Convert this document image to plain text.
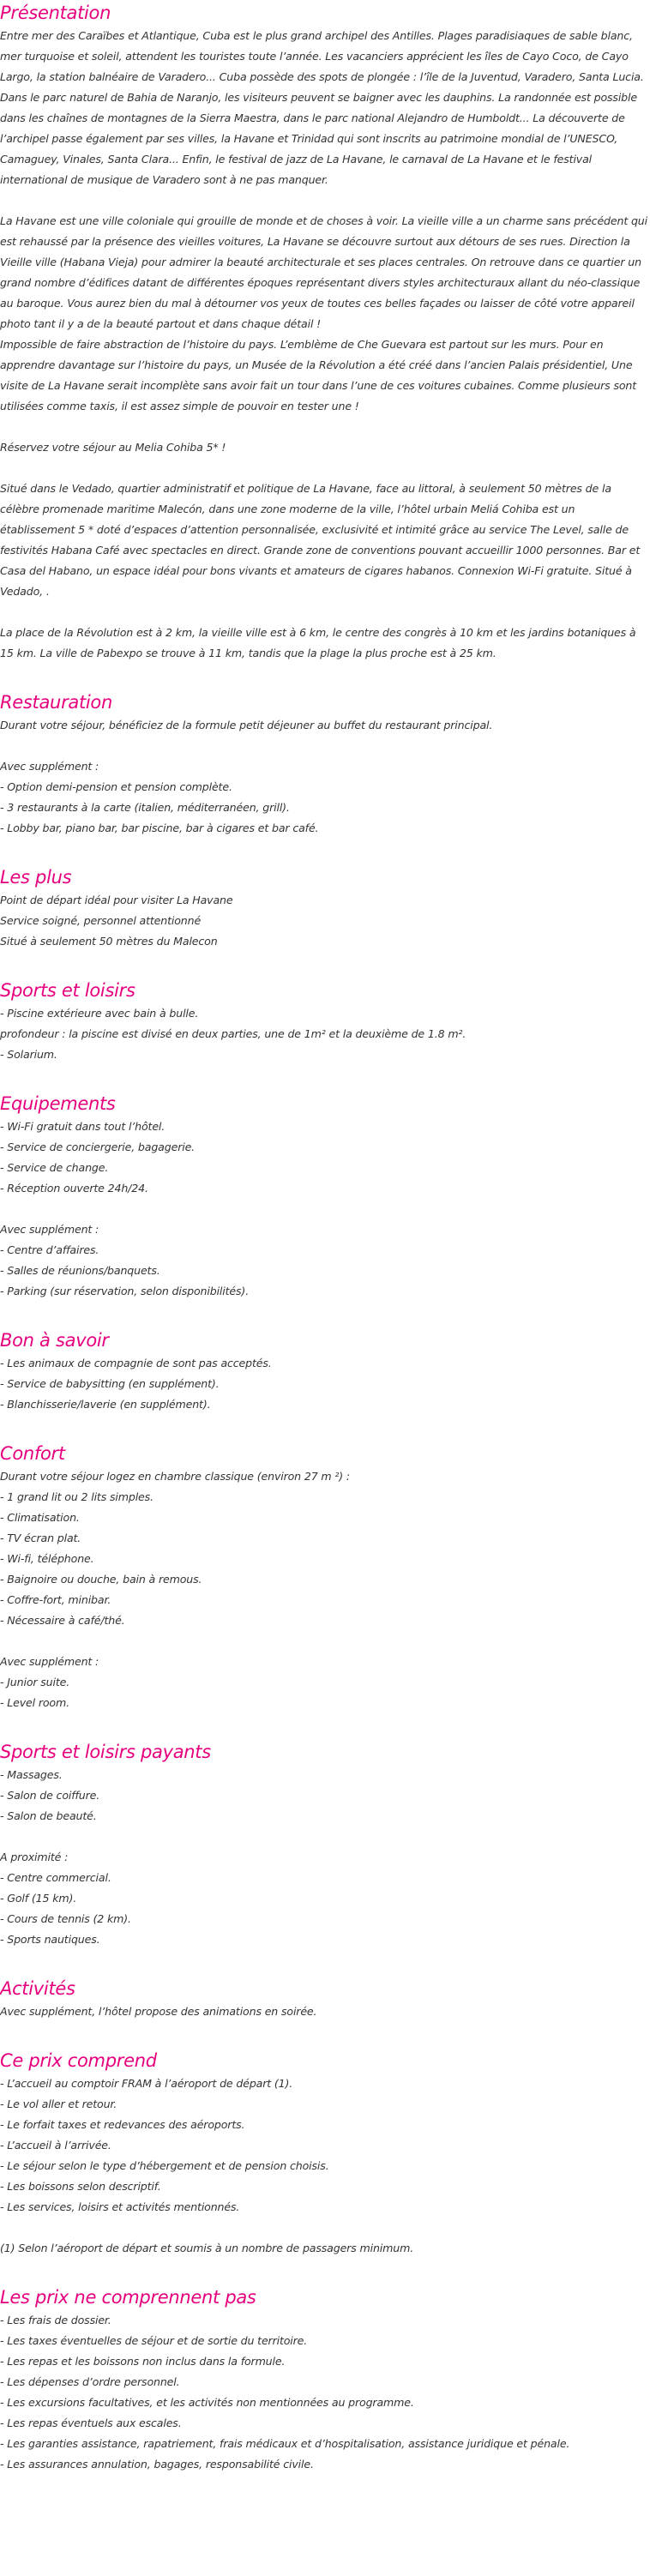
Présentation

Entre mer des Caraïbes et Atlantique, Cuba est le plus grand archipel des Antilles. Plages paradisiaques de sable blanc, mer turquoise et soleil, attendent les touristes toute l’année. Les vacanciers apprécient les îles de Cayo Coco, de Cayo Largo, la station balnéaire de Varadero... Cuba possède des spots de plongée : l’île de la Juventud, Varadero, Santa Lucia. Dans le parc naturel de Bahia de Naranjo, les visiteurs peuvent se baigner avec les dauphins. La randonnée est possible dans les chaînes de montagnes de la Sierra Maestra, dans le parc national Alejandro de Humboldt... La découverte de l’archipel passe également par ses villes, la Havane et Trinidad qui sont inscrits au patrimoine mondial de l’UNESCO, Camaguey, Vinales, Santa Clara... Enfin, le festival de jazz de La Havane, le carnaval de La Havane et le festival international de musique de Varadero sont à ne pas manquer.

La Havane est une ville coloniale qui grouille de monde et de choses à voir. La vieille ville a un charme sans précédent qui est rehaussé par la présence des vieilles voitures, La Havane se découvre surtout aux détours de ses rues. Direction la Vieille ville (Habana Vieja) pour admirer la beauté architecturale et ses places centrales. On retrouve dans ce quartier un grand nombre d’édifices datant de différentes époques représentant divers styles architecturaux allant du néo-classique au baroque. Vous aurez bien du mal à détourner vos yeux de toutes ces belles façades ou laisser de côté votre appareil photo tant il y a de la beauté partout et dans chaque détail !

Impossible de faire abstraction de l’histoire du pays. L’emblème de Che Guevara est partout sur les murs. Pour en apprendre davantage sur l’histoire du pays, un Musée de la Révolution a été créé dans l’ancien Palais présidentiel, Une visite de La Havane serait incomplète sans avoir fait un tour dans l’une de ces voitures cubaines. Comme plusieurs sont utilisées comme taxis, il est assez simple de pouvoir en tester une !

Réservez votre séjour au Melia Cohiba 5* !

Situé dans le Vedado, quartier administratif et politique de La Havane, face au littoral, à seulement 50 mètres de la célèbre promenade maritime Malecón, dans une zone moderne de la ville, l’hôtel urbain Meliá Cohiba est un établissement 5 * doté d’espaces d’attention personnalisée, exclusivité et intimité grâce au service The Level, salle de festivités Habana Café avec spectacles en direct. Grande zone de conventions pouvant accueillir 1000 personnes. Bar et Casa del Habano, un espace idéal pour bons vivants et amateurs de cigares habanos. Connexion Wi-Fi gratuite. Situé à Vedado, .

La place de la Révolution est à 2 km, la vieille ville est à 6 km, le centre des congrès à 10 km et les jardins botaniques à 15 km. La ville de Pabexpo se trouve à 11 km, tandis que la plage la plus proche est à 25 km.

Restauration

Durant votre séjour, bénéficiez de la formule petit déjeuner au buffet du restaurant principal.

Avec supplément :

- Option demi-pension et pension complète.

- 3 restaurants à la carte (italien, méditerranéen, grill).

- Lobby bar, piano bar, bar piscine, bar à cigares et bar café.

Les plus

Point de départ idéal pour visiter La Havane

Service soigné, personnel attentionné

Situé à seulement 50 mètres du Malecon

Sports et loisirs

- Piscine extérieure avec bain à bulle.

profondeur : la piscine est divisé en deux parties, une de 1m² et la deuxième de 1.8 m².

- Solarium.

Equipements

- Wi-Fi gratuit dans tout l’hôtel.

- Service de conciergerie, bagagerie.

- Service de change.

- Réception ouverte 24h/24.

Avec supplément :

- Centre d’affaires.

- Salles de réunions/banquets.

- Parking (sur réservation, selon disponibilités).

Bon à savoir

- Les animaux de compagnie de sont pas acceptés.

- Service de babysitting (en supplément).

- Blanchisserie/laverie (en supplément).

Confort

Durant votre séjour logez en chambre classique (environ 27 m ²) :

- 1 grand lit ou 2 lits simples.

- Climatisation.

- TV écran plat.

- Wi-fi, téléphone.

- Baignoire ou douche, bain à remous.

- Coffre-fort, minibar.

- Nécessaire à café/thé.

Avec supplément :

- Junior suite.

- Level room.

Sports et loisirs payants

- Massages.

- Salon de coiffure.

- Salon de beauté.

A proximité :

- Centre commercial.

- Golf (15 km).

- Cours de tennis (2 km).

- Sports nautiques.

Activités

Avec supplément, l’hôtel propose des animations en soirée.

Ce prix comprend

- L’accueil au comptoir FRAM à l’aéroport de départ (1).

- Le vol aller et retour.

- Le forfait taxes et redevances des aéroports.

- L’accueil à l’arrivée.

- Le séjour selon le type d’hébergement et de pension choisis.

- Les boissons selon descriptif.

- Les services, loisirs et activités mentionnés.

(1) Selon l’aéroport de départ et soumis à un nombre de passagers minimum.

Les prix ne comprennent pas

- Les frais de dossier.

- Les taxes éventuelles de séjour et de sortie du territoire.

- Les repas et les boissons non inclus dans la formule.

- Les dépenses d’ordre personnel.

- Les excursions facultatives, et les activités non mentionnées au programme.

- Les repas éventuels aux escales.

- Les garanties assistance, rapatriement, frais médicaux et d’hospitalisation, assistance juridique et pénale.

- Les assurances annulation, bagages, responsabilité civile.
